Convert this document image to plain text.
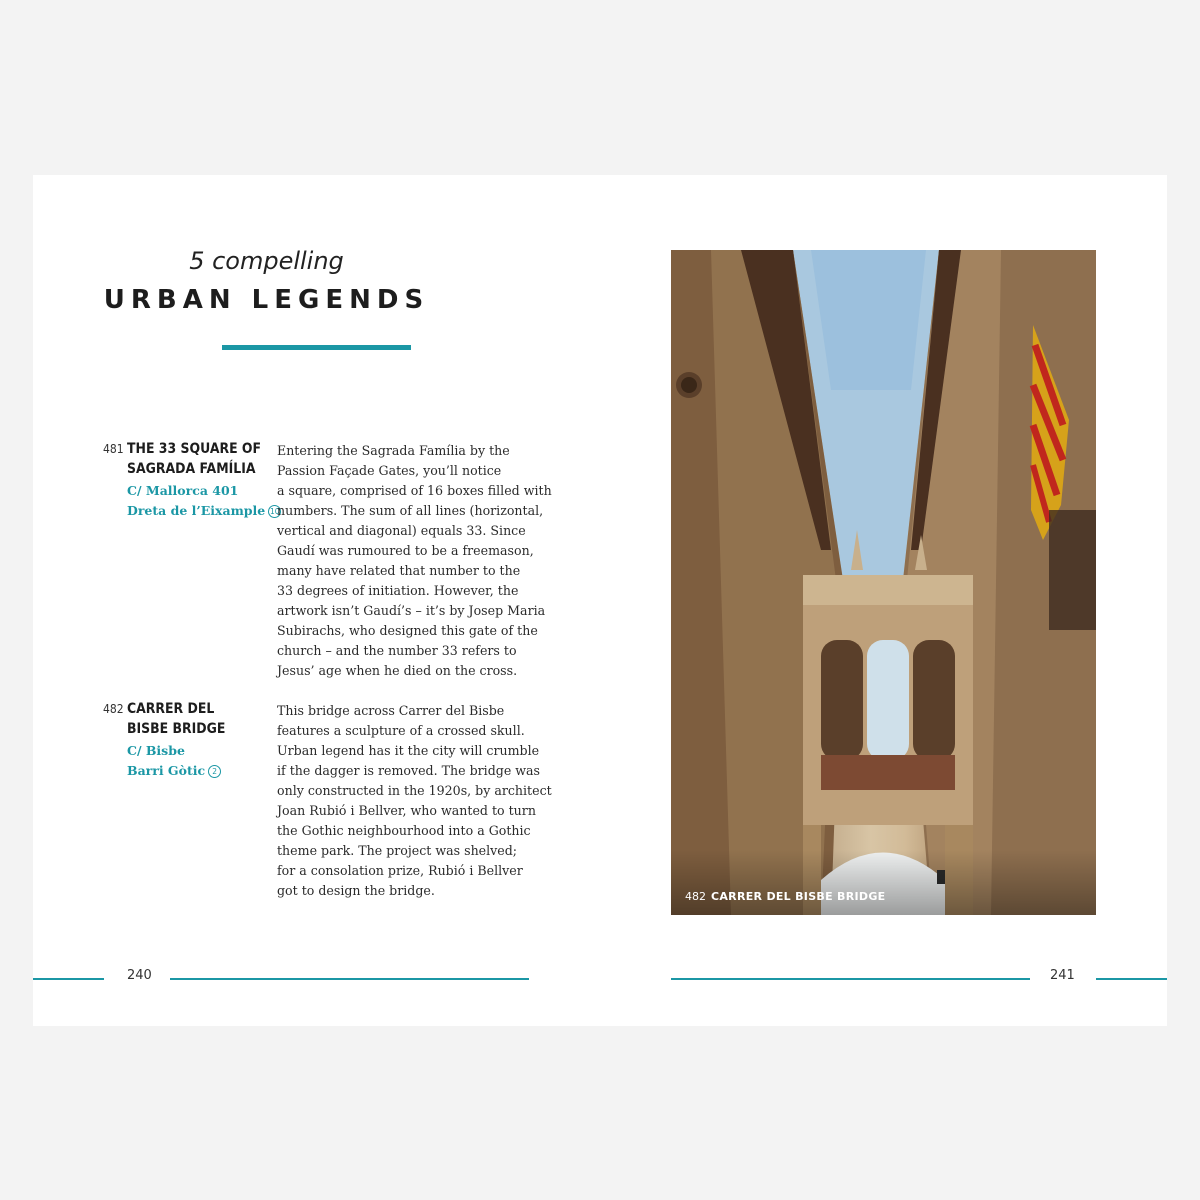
5 compelling
URBAN LEGENDS
481 THE 33 SQUARE OF
SAGRADA FAMÍLIA
C/ Mallorca 401
Dreta de l’Eixample 10
Entering the Sagrada Família by the
Passion Façade Gates, you’ll notice
a square, comprised of 16 boxes filled with
numbers. The sum of all lines (horizontal,
vertical and diagonal) equals 33. Since
Gaudí was rumoured to be a freemason,
many have related that number to the
33 degrees of initiation. However, the
artwork isn’t Gaudí’s – it’s by Josep Maria
Subirachs, who designed this gate of the
church – and the number 33 refers to
Jesus’ age when he died on the cross.
482 CARRER DEL
BISBE BRIDGE
C/ Bisbe
Barri Gòtic 2
This bridge across Carrer del Bisbe
features a sculpture of a crossed skull.
Urban legend has it the city will crumble
if the dagger is removed. The bridge was
only constructed in the 1920s, by architect
Joan Rubió i Bellver, who wanted to turn
the Gothic neighbourhood into a Gothic
theme park. The project was shelved;
for a consolation prize, Rubió i Bellver
got to design the bridge.
240
482 CARRER DEL BISBE BRIDGE
241
